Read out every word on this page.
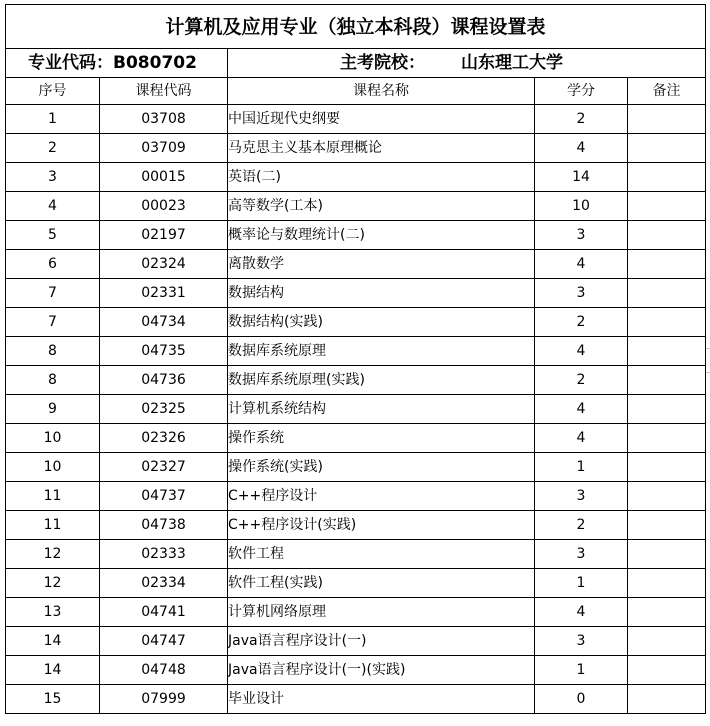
计算机及应用专业（独立本科段）课程设置表				
专业代码：B080702		主考院校： 山东理工大学		
序号	课程代码	课程名称	学分	备注
1	03708	中国近现代史纲要	2	
2	03709	马克思主义基本原理概论	4	
3	00015	英语(二)	14	
4	00023	高等数学(工本)	10	
5	02197	概率论与数理统计(二)	3	
6	02324	离散数学	4	
7	02331	数据结构	3	
7	04734	数据结构(实践)	2	
8	04735	数据库系统原理	4	
8	04736	数据库系统原理(实践)	2	
9	02325	计算机系统结构	4	
10	02326	操作系统	4	
10	02327	操作系统(实践)	1	
11	04737	C++程序设计	3	
11	04738	C++程序设计(实践)	2	
12	02333	软件工程	3	
12	02334	软件工程(实践)	1	
13	04741	计算机网络原理	4	
14	04747	Java语言程序设计(一)	3	
14	04748	Java语言程序设计(一)(实践)	1	
15	07999	毕业设计	0	
